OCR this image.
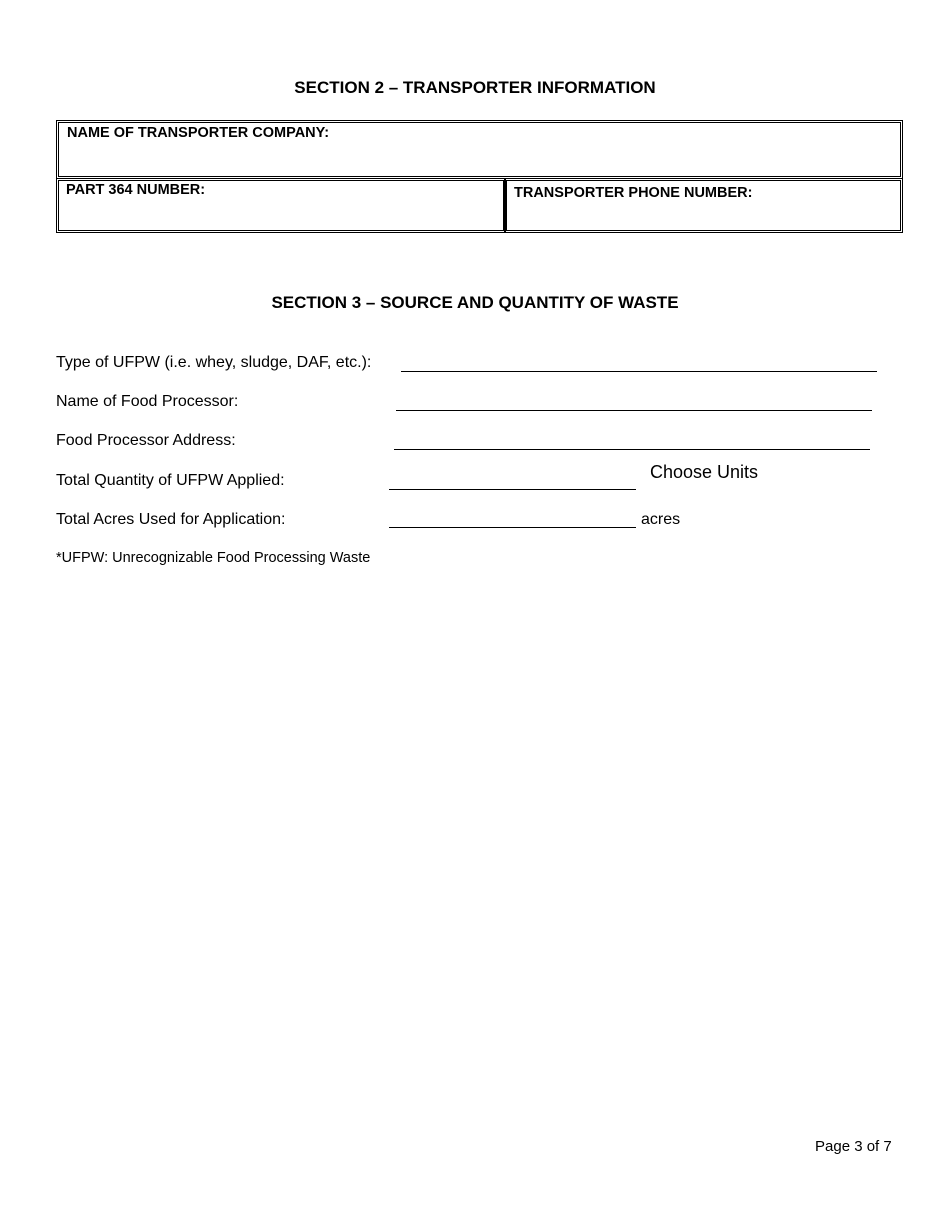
SECTION 2 – TRANSPORTER INFORMATION
NAME OF TRANSPORTER COMPANY:
PART 364 NUMBER:	TRANSPORTER PHONE NUMBER:
SECTION 3 – SOURCE AND QUANTITY OF WASTE
Type of UFPW (i.e. whey, sludge, DAF, etc.):
Name of Food Processor:
Food Processor Address:
Total Quantity of UFPW Applied:	Choose Units
Total Acres Used for Application:	acres
*UFPW: Unrecognizable Food Processing Waste
Page 3 of 7
